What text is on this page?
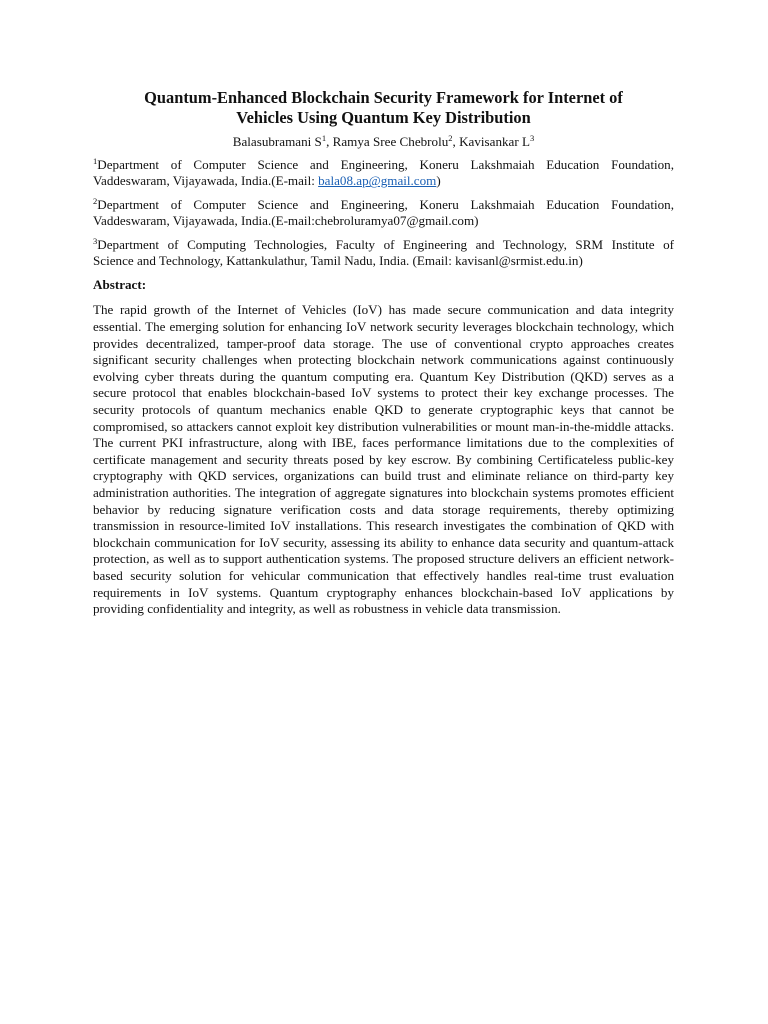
Quantum-Enhanced Blockchain Security Framework for Internet of
Vehicles Using Quantum Key Distribution
Balasubramani $S^1$, Ramya Sree Chebrolu$^2$, Kavisankar $L^3$
$^1$Department of Computer Science and Engineering, Koneru Lakshmaiah Education Foundation,
Vaddeswaram, Vijayawada, India.(E-mail: bala08.ap@gmail.com)
$^2$Department of Computer Science and Engineering, Koneru Lakshmaiah Education Foundation,
Vaddeswaram, Vijayawada, India.(E-mail:chebroluramya07@gmail.com)
$^3$Department of Computing Technologies, Faculty of Engineering and Technology, SRM Institute of
Science and Technology, Kattankulathur, Tamil Nadu, India. (Email: kavisanl@srmist.edu.in)
Abstract:

The rapid growth of the Internet of Vehicles (IoV) has made secure communication and data integrity essential. The emerging solution for enhancing IoV network security leverages blockchain technology, which provides decentralized, tamper-proof data storage. The use of conventional crypto approaches creates significant security challenges when protecting blockchain network communications against continuously evolving cyber threats during the quantum computing era. Quantum Key Distribution (QKD) serves as a secure protocol that enables blockchain-based IoV systems to protect their key exchange processes. The security protocols of quantum mechanics enable QKD to generate cryptographic keys that cannot be compromised, so attackers cannot exploit key distribution vulnerabilities or mount man-in-the-middle attacks. The current PKI infrastructure, along with IBE, faces performance limitations due to the complexities of certificate management and security threats posed by key escrow. By combining Certificateless public-key cryptography with QKD services, organizations can build trust and eliminate reliance on third-party key administration authorities. The integration of aggregate signatures into blockchain systems promotes efficient behavior by reducing signature verification costs and data storage requirements, thereby optimizing transmission in resource-limited IoV installations. This research investigates the combination of QKD with blockchain communication for IoV security, assessing its ability to enhance data security and quantum-attack protection, as well as to support authentication systems. The proposed structure delivers an efficient network-based security solution for vehicular communication that effectively handles real-time trust evaluation requirements in IoV systems. Quantum cryptography enhances blockchain-based IoV applications by providing confidentiality and integrity, as well as robustness in vehicle data transmission.
